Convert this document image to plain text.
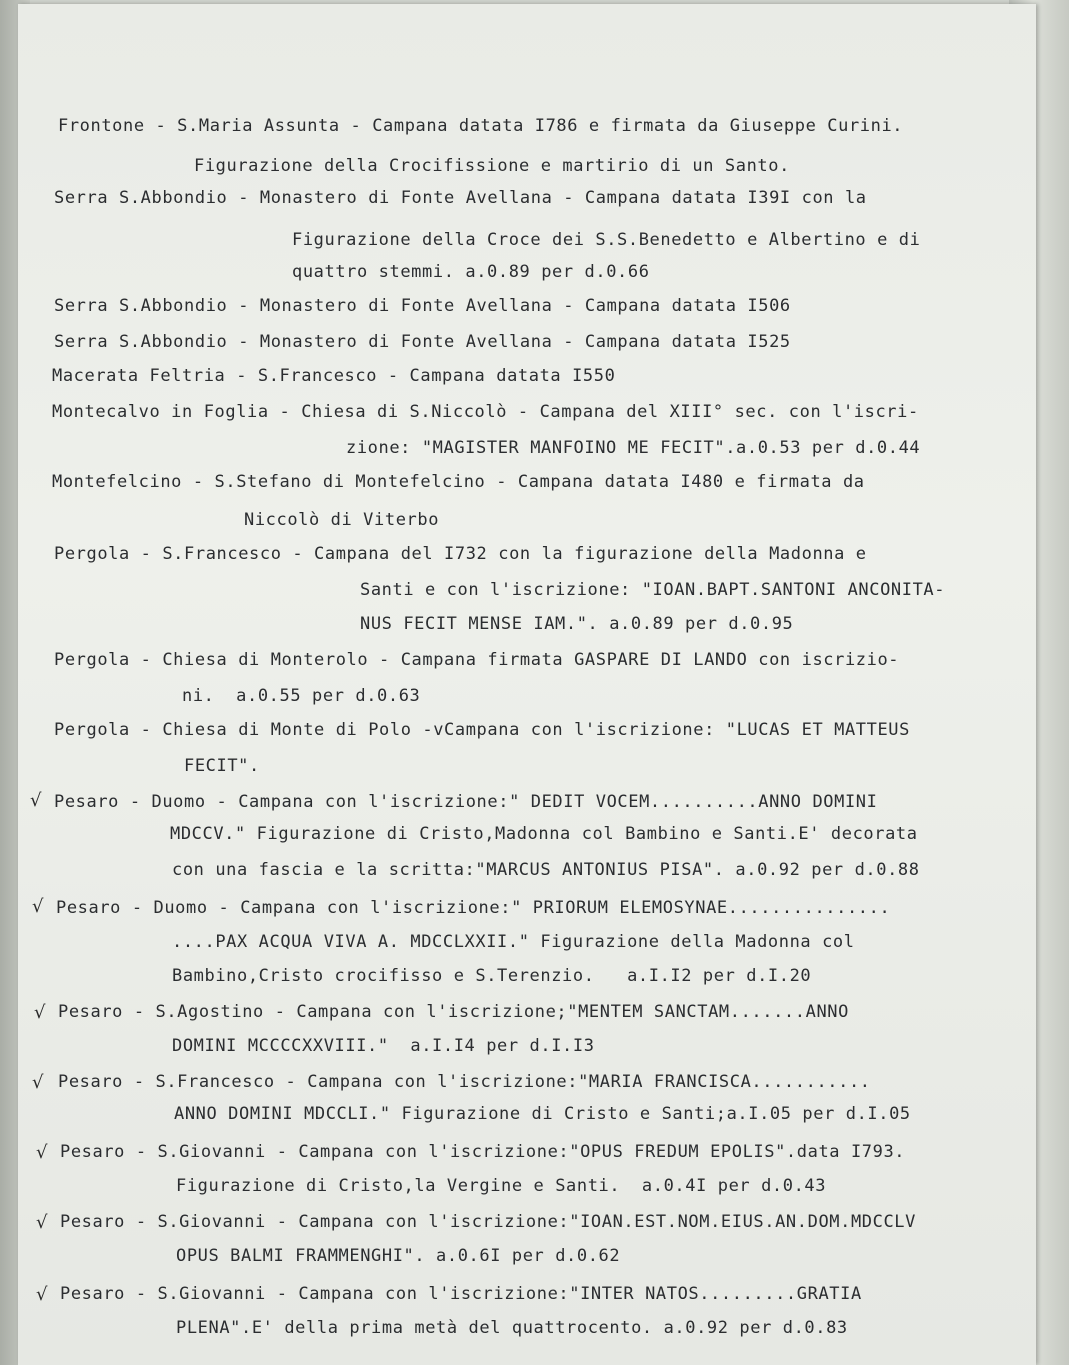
Frontone - S.Maria Assunta - Campana datata I786 e firmata da Giuseppe Curini.
Figurazione della Crocifissione e martirio di un Santo.
Serra S.Abbondio - Monastero di Fonte Avellana - Campana datata I39I con la
Figurazione della Croce dei S.S.Benedetto e Albertino e di
quattro stemmi. a.0.89 per d.0.66
Serra S.Abbondio - Monastero di Fonte Avellana - Campana datata I506
Serra S.Abbondio - Monastero di Fonte Avellana - Campana datata I525
Macerata Feltria - S.Francesco - Campana datata I550
Montecalvo in Foglia - Chiesa di S.Niccolò - Campana del XIII° sec. con l'iscri-
zione: "MAGISTER MANFOINO ME FECIT".a.0.53 per d.0.44
Montefelcino - S.Stefano di Montefelcino - Campana datata I480 e firmata da
Niccolò di Viterbo
Pergola - S.Francesco - Campana del I732 con la figurazione della Madonna e
Santi e con l'iscrizione: "IOAN.BAPT.SANTONI ANCONITA-
NUS FECIT MENSE IAM.". a.0.89 per d.0.95
Pergola - Chiesa di Monterolo - Campana firmata GASPARE DI LANDO con iscrizio-
ni.  a.0.55 per d.0.63
Pergola - Chiesa di Monte di Polo -vCampana con l'iscrizione: "LUCAS ET MATTEUS
FECIT".
√ Pesaro - Duomo - Campana con l'iscrizione:" DEDIT VOCEM..........ANNO DOMINI
MDCCV." Figurazione di Cristo,Madonna col Bambino e Santi.E' decorata
con una fascia e la scritta:"MARCUS ANTONIUS PISA". a.0.92 per d.0.88
√ Pesaro - Duomo - Campana con l'iscrizione:" PRIORUM ELEMOSYNAE...............
....PAX ACQUA VIVA A. MDCCLXXII." Figurazione della Madonna col
Bambino,Cristo crocifisso e S.Terenzio.   a.I.I2 per d.I.20
√ Pesaro - S.Agostino - Campana con l'iscrizione;"MENTEM SANCTAM.......ANNO
DOMINI MCCCCXXVIII."  a.I.I4 per d.I.I3
√ Pesaro - S.Francesco - Campana con l'iscrizione:"MARIA FRANCISCA...........
ANNO DOMINI MDCCLI." Figurazione di Cristo e Santi;a.I.05 per d.I.05
√ Pesaro - S.Giovanni - Campana con l'iscrizione:"OPUS FREDUM EPOLIS".data I793.
Figurazione di Cristo,la Vergine e Santi.  a.0.4I per d.0.43
√ Pesaro - S.Giovanni - Campana con l'iscrizione:"IOAN.EST.NOM.EIUS.AN.DOM.MDCCLV
OPUS BALMI FRAMMENGHI". a.0.6I per d.0.62
√ Pesaro - S.Giovanni - Campana con l'iscrizione:"INTER NATOS.........GRATIA
PLENA".E' della prima metà del quattrocento. a.0.92 per d.0.83
